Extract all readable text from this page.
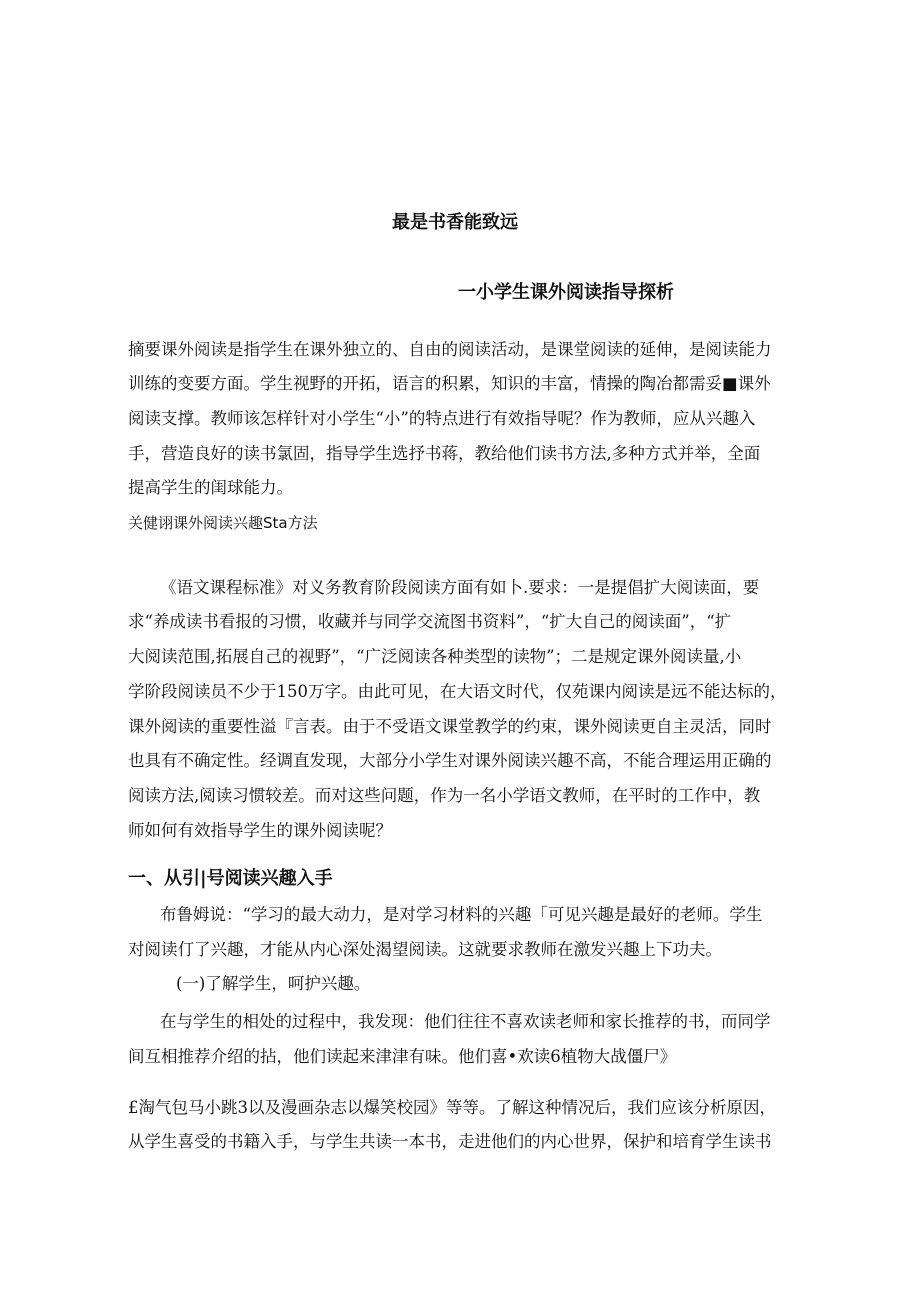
最是书香能致远
一小学生课外阅读指导探析
摘要课外阅读是指学生在课外独立的、自由的阅读活动，是课堂阅读的延伸，是阅读能力
训练的变要方面。学生视野的开拓，语言的积累，知识的丰富，情操的陶冶都需妥■课外
阅读支撑。教师该怎样针对小学生“小”的特点进行有效指导呢？作为教师，应从兴趣入
手，营造良好的读书氯固，指导学生选抒书蒋，教给他们读书方法,多种方式并举，全面
提高学生的闺球能力。
关健诩课外阅读兴趣Sta方法
《语文课程标准》对义务教育阶段阅读方面有如卜.要求：一是提倡扩大阅读面，要
求“养成读书看报的习惯，收藏并与同学交流图书资料”，“扩大自己的阅读面”，“扩
大阅读范围,拓展自己的视野”，“广泛阅读各种类型的读物”；二是规定课外阅读量,小
学阶段阅读员不少于150万字。由此可见，在大语文时代，仅苑课内阅读是远不能达标的，
课外阅读的重要性溢『言表。由于不受语文课堂教学的约束，课外阅读更自主灵活，同时
也具有不确定性。经调直发现，大部分小学生对课外阅读兴趣不高，不能合理运用正确的
阅读方法,阅读习惯较差。而对这些问题，作为一名小学语文教师，在平时的工作中，教
师如何有效指导学生的课外阅读呢？
一、从引|号阅读兴趣入手
布鲁姆说：“学习的最大动力，是对学习材料的兴趣「可见兴趣是最好的老师。学生
对阅读仃了兴趣，才能从内心深处渴望阅读。这就要求教师在激发兴趣上下功夫。
(一)了解学生，呵护兴趣。
在与学生的相处的过程中，我发现：他们往往不喜欢读老师和家长推荐的书，而同学
间互相推荐介绍的拈，他们读起来津津有味。他们喜•欢读6植物大战僵尸》
£淘气包马小跳3以及漫画杂志以爆笑校园》等等。了解这种情况后，我们应该分析原因，
从学生喜受的书籍入手，与学生共读一本书，走进他们的内心世界，保护和培育学生读书
